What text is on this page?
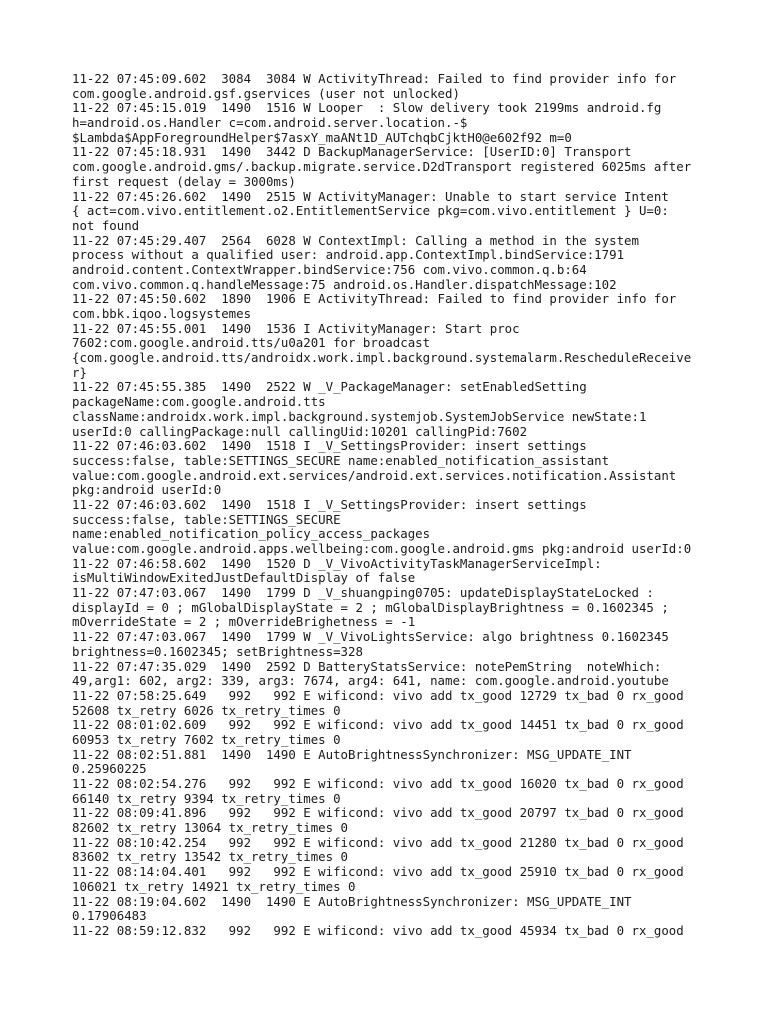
11-22 07:45:09.602  3084  3084 W ActivityThread: Failed to find provider info for
com.google.android.gsf.gservices (user not unlocked)
11-22 07:45:15.019  1490  1516 W Looper  : Slow delivery took 2199ms android.fg
h=android.os.Handler c=com.android.server.location.-$
$Lambda$AppForegroundHelper$7asxY_maANt1D_AUTchqbCjktH0@e602f92 m=0
11-22 07:45:18.931  1490  3442 D BackupManagerService: [UserID:0] Transport
com.google.android.gms/.backup.migrate.service.D2dTransport registered 6025ms after
first request (delay = 3000ms)
11-22 07:45:26.602  1490  2515 W ActivityManager: Unable to start service Intent
{ act=com.vivo.entitlement.o2.EntitlementService pkg=com.vivo.entitlement } U=0:
not found
11-22 07:45:29.407  2564  6028 W ContextImpl: Calling a method in the system
process without a qualified user: android.app.ContextImpl.bindService:1791
android.content.ContextWrapper.bindService:756 com.vivo.common.q.b:64
com.vivo.common.q.handleMessage:75 android.os.Handler.dispatchMessage:102
11-22 07:45:50.602  1890  1906 E ActivityThread: Failed to find provider info for
com.bbk.iqoo.logsystemes
11-22 07:45:55.001  1490  1536 I ActivityManager: Start proc
7602:com.google.android.tts/u0a201 for broadcast
{com.google.android.tts/androidx.work.impl.background.systemalarm.RescheduleReceive
r}
11-22 07:45:55.385  1490  2522 W _V_PackageManager: setEnabledSetting
packageName:com.google.android.tts
className:androidx.work.impl.background.systemjob.SystemJobService newState:1
userId:0 callingPackage:null callingUid:10201 callingPid:7602
11-22 07:46:03.602  1490  1518 I _V_SettingsProvider: insert settings
success:false, table:SETTINGS_SECURE name:enabled_notification_assistant
value:com.google.android.ext.services/android.ext.services.notification.Assistant
pkg:android userId:0
11-22 07:46:03.602  1490  1518 I _V_SettingsProvider: insert settings
success:false, table:SETTINGS_SECURE
name:enabled_notification_policy_access_packages
value:com.google.android.apps.wellbeing:com.google.android.gms pkg:android userId:0
11-22 07:46:58.602  1490  1520 D _V_VivoActivityTaskManagerServiceImpl:
isMultiWindowExitedJustDefaultDisplay of false
11-22 07:47:03.067  1490  1799 D _V_shuangping0705: updateDisplayStateLocked :
displayId = 0 ; mGlobalDisplayState = 2 ; mGlobalDisplayBrightness = 0.1602345 ;
mOverrideState = 2 ; mOverrideBrighetness = -1
11-22 07:47:03.067  1490  1799 W _V_VivoLightsService: algo brightness 0.1602345
brightness=0.1602345; setBrightness=328
11-22 07:47:35.029  1490  2592 D BatteryStatsService: notePemString  noteWhich:
49,arg1: 602, arg2: 339, arg3: 7674, arg4: 641, name: com.google.android.youtube
11-22 07:58:25.649   992   992 E wificond: vivo add tx_good 12729 tx_bad 0 rx_good
52608 tx_retry 6026 tx_retry_times 0
11-22 08:01:02.609   992   992 E wificond: vivo add tx_good 14451 tx_bad 0 rx_good
60953 tx_retry 7602 tx_retry_times 0
11-22 08:02:51.881  1490  1490 E AutoBrightnessSynchronizer: MSG_UPDATE_INT
0.25960225
11-22 08:02:54.276   992   992 E wificond: vivo add tx_good 16020 tx_bad 0 rx_good
66140 tx_retry 9394 tx_retry_times 0
11-22 08:09:41.896   992   992 E wificond: vivo add tx_good 20797 tx_bad 0 rx_good
82602 tx_retry 13064 tx_retry_times 0
11-22 08:10:42.254   992   992 E wificond: vivo add tx_good 21280 tx_bad 0 rx_good
83602 tx_retry 13542 tx_retry_times 0
11-22 08:14:04.401   992   992 E wificond: vivo add tx_good 25910 tx_bad 0 rx_good
106021 tx_retry 14921 tx_retry_times 0
11-22 08:19:04.602  1490  1490 E AutoBrightnessSynchronizer: MSG_UPDATE_INT
0.17906483
11-22 08:59:12.832   992   992 E wificond: vivo add tx_good 45934 tx_bad 0 rx_good
